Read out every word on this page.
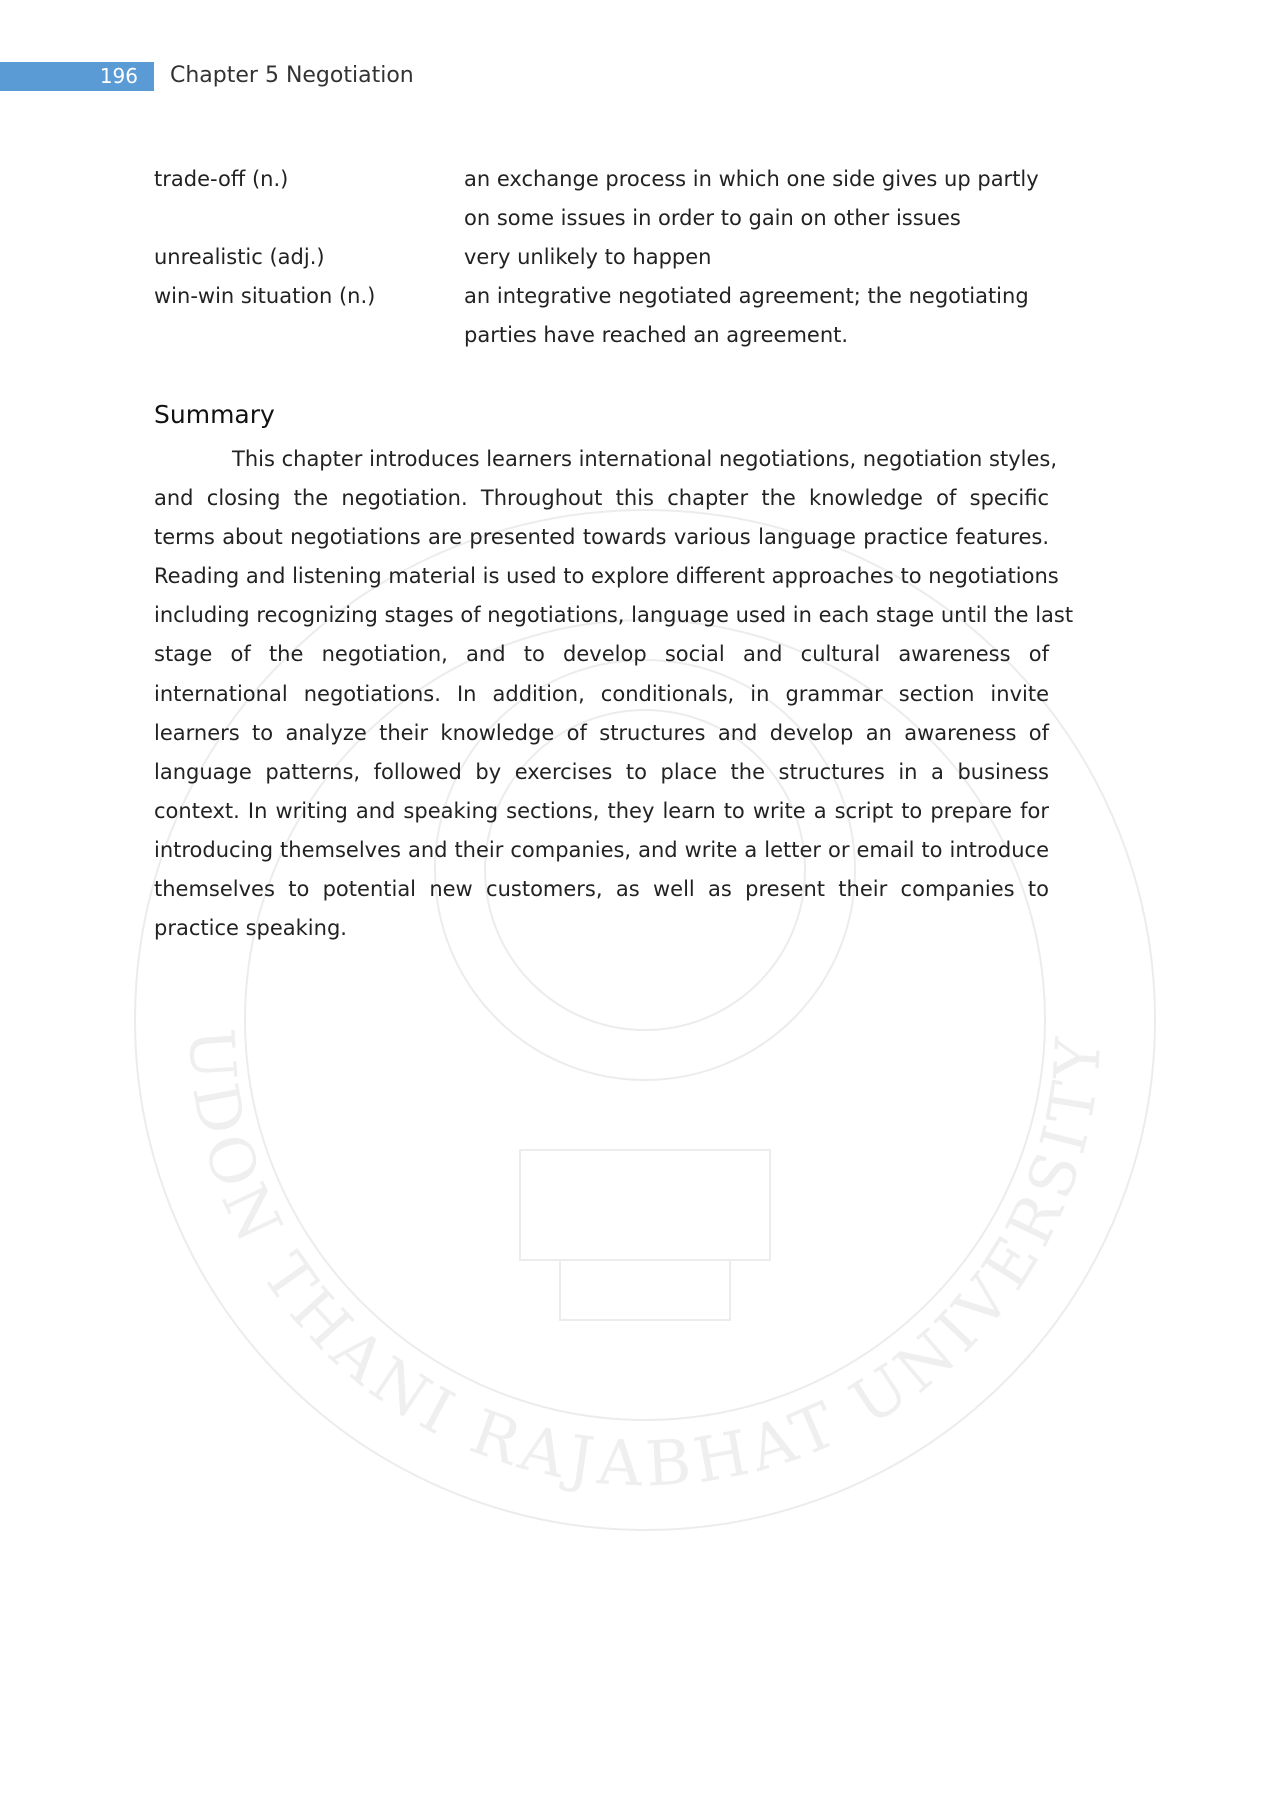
UDON THANI RAJABHAT UNIVERSITY
196 Chapter 5 Negotiation
trade-off (n.)	an exchange process in which one side gives up partly
on some issues in order to gain on other issues
unrealistic (adj.)	very unlikely to happen
win-win situation (n.)	an integrative negotiated agreement; the negotiating
parties have reached an agreement.
Summary
This chapter introduces learners international negotiations, negotiation styles,
and closing the negotiation. Throughout this chapter the knowledge of specific
terms about negotiations are presented towards various language practice features.
Reading and listening material is used to explore different approaches to negotiations
including recognizing stages of negotiations, language used in each stage until the last
stage of the negotiation, and to develop social and cultural awareness of
international negotiations. In addition, conditionals, in grammar section invite
learners to analyze their knowledge of structures and develop an awareness of
language patterns, followed by exercises to place the structures in a business
context. In writing and speaking sections, they learn to write a script to prepare for
introducing themselves and their companies, and write a letter or email to introduce
themselves to potential new customers, as well as present their companies to
practice speaking.
